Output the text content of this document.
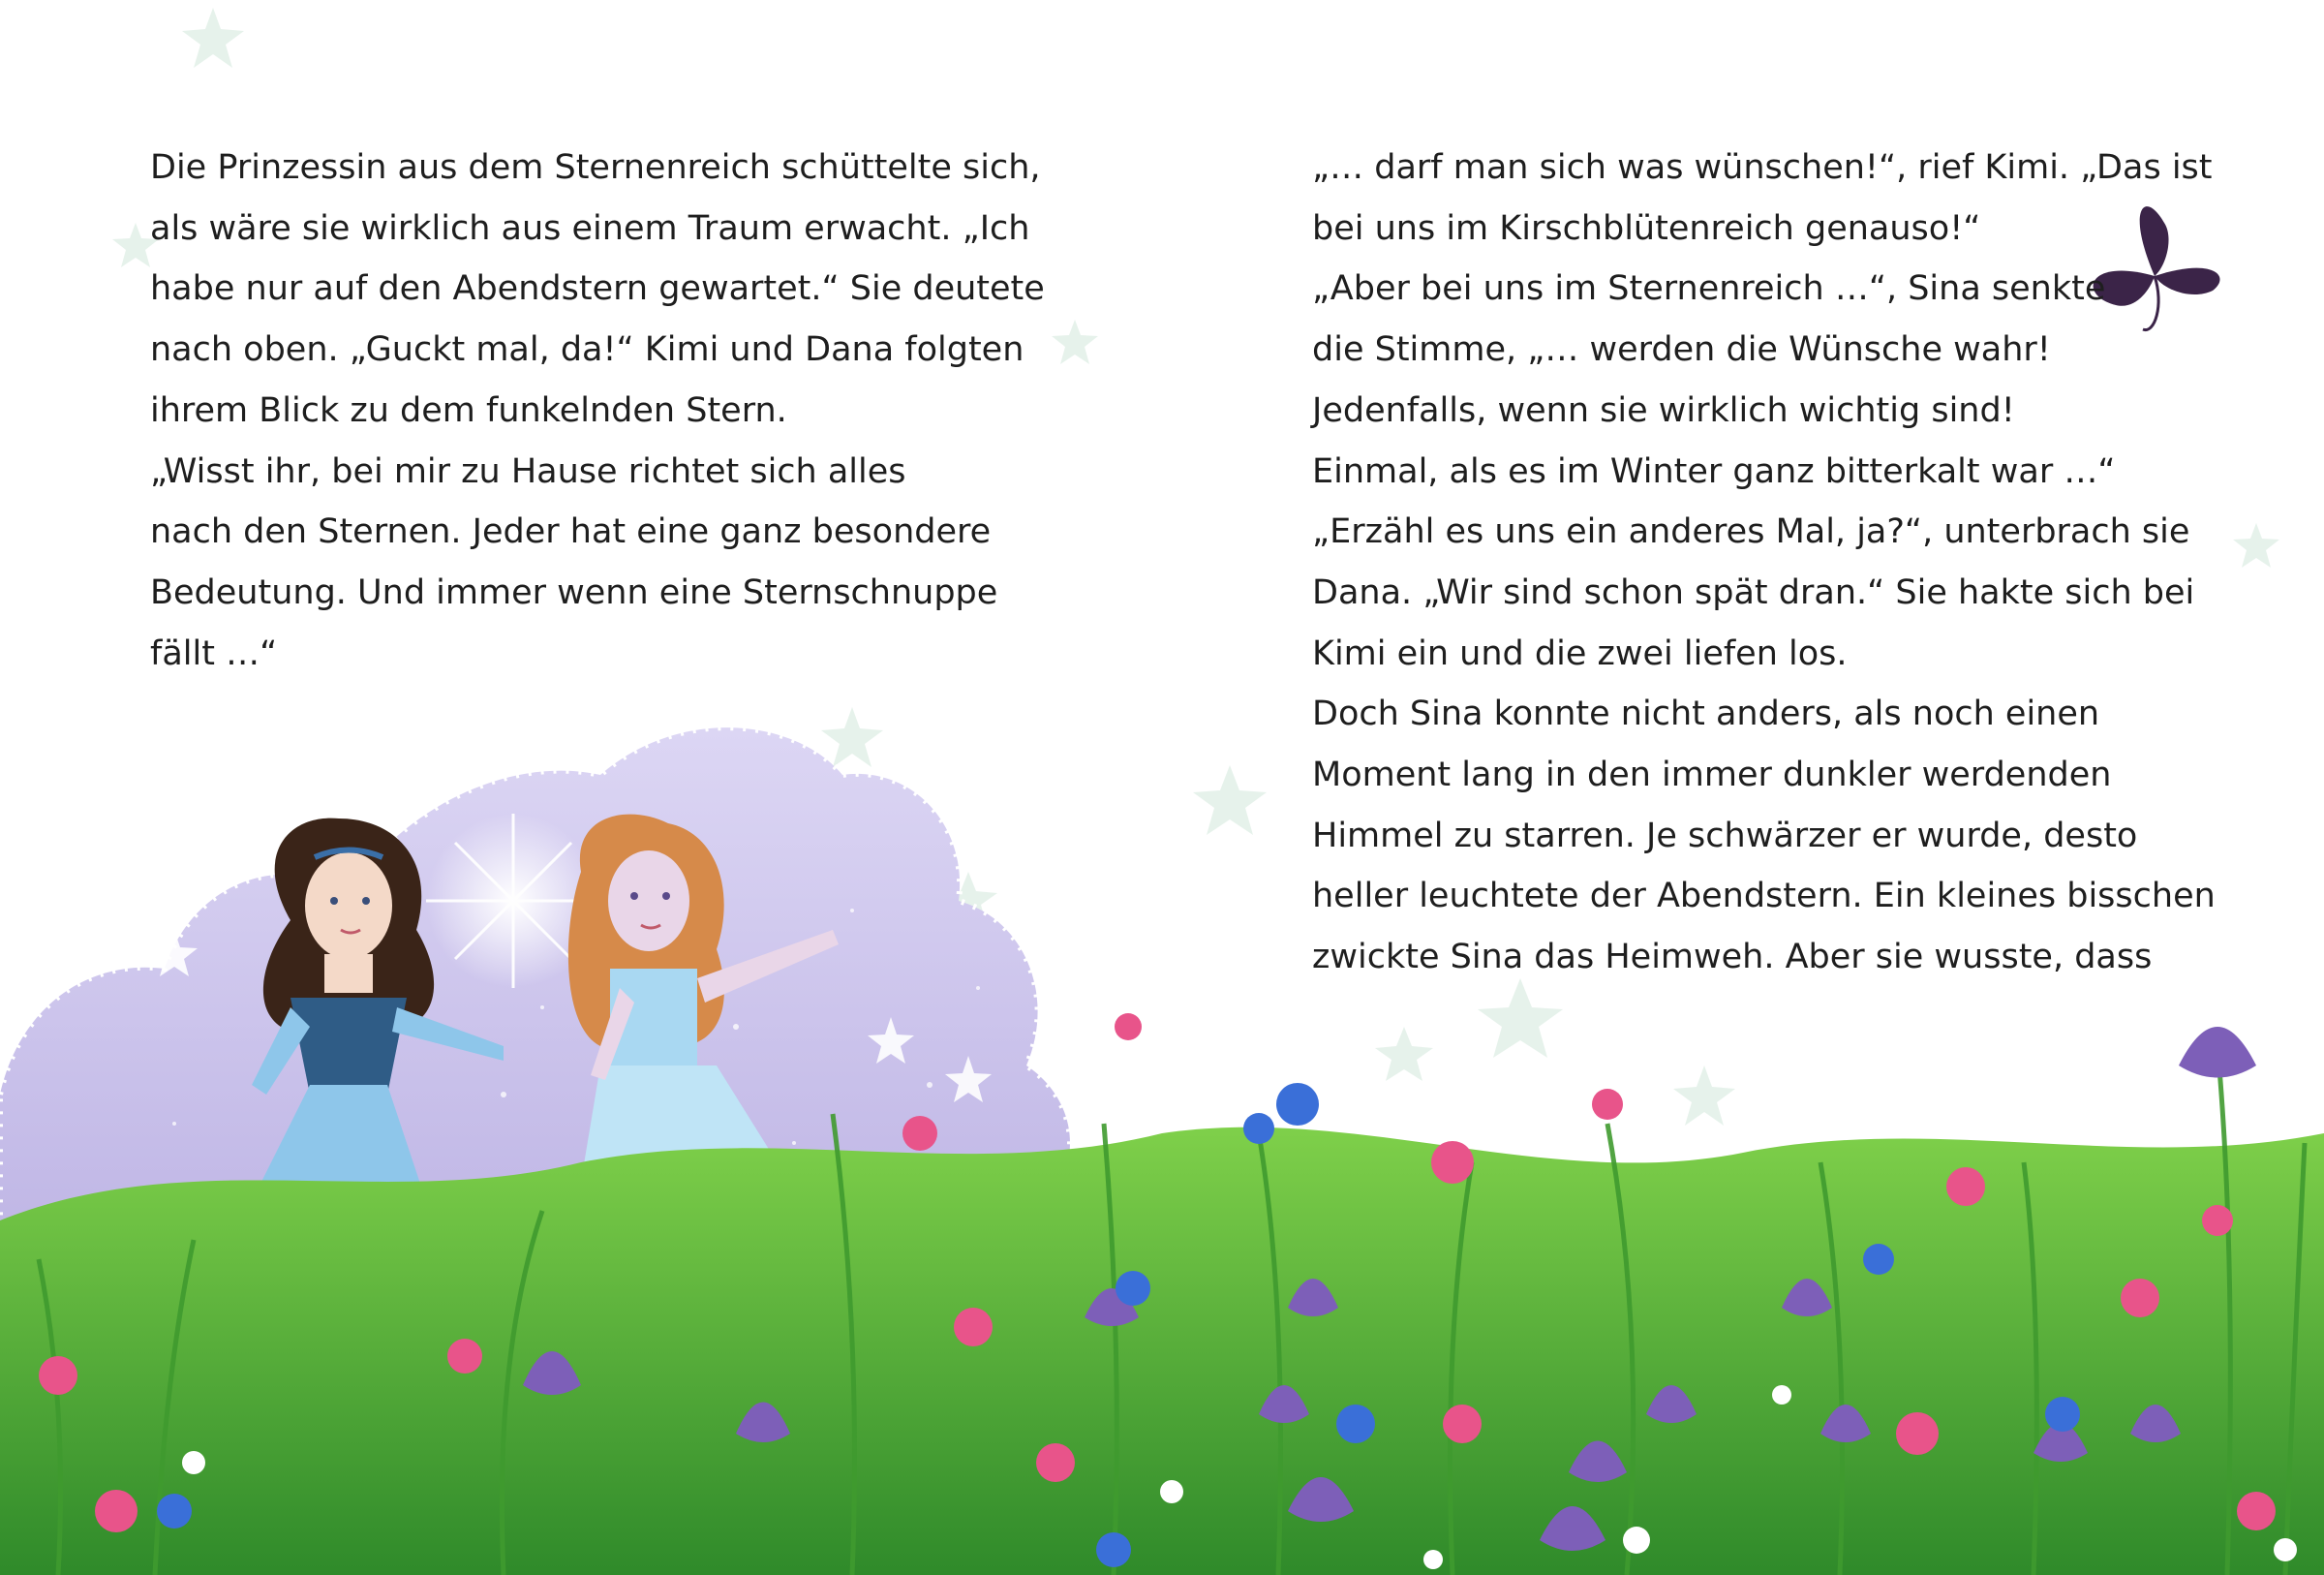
Die Prinzessin aus dem Sternenreich schüttelte sich,
als wäre sie wirklich aus einem Traum erwacht. „Ich
habe nur auf den Abendstern gewartet.“ Sie deutete
nach oben. „Guckt mal, da!“ Kimi und Dana folgten
ihrem Blick zu dem funkelnden Stern.
„Wisst ihr, bei mir zu Hause richtet sich alles
nach den Sternen. Jeder hat eine ganz besondere
Bedeutung. Und immer wenn eine Sternschnuppe
fällt …“
„… darf man sich was wünschen!“, rief Kimi. „Das ist
bei uns im Kirschblütenreich genauso!“
„Aber bei uns im Sternenreich …“, Sina senkte
die Stimme, „… werden die Wünsche wahr!
Jedenfalls, wenn sie wirklich wichtig sind!
Einmal, als es im Winter ganz bitterkalt war …“
„Erzähl es uns ein anderes Mal, ja?“, unterbrach sie
Dana. „Wir sind schon spät dran.“ Sie hakte sich bei
Kimi ein und die zwei liefen los.
Doch Sina konnte nicht anders, als noch einen
Moment lang in den immer dunkler werdenden
Himmel zu starren. Je schwärzer er wurde, desto
heller leuchtete der Abendstern. Ein kleines bisschen
zwickte Sina das Heimweh. Aber sie wusste, dass
